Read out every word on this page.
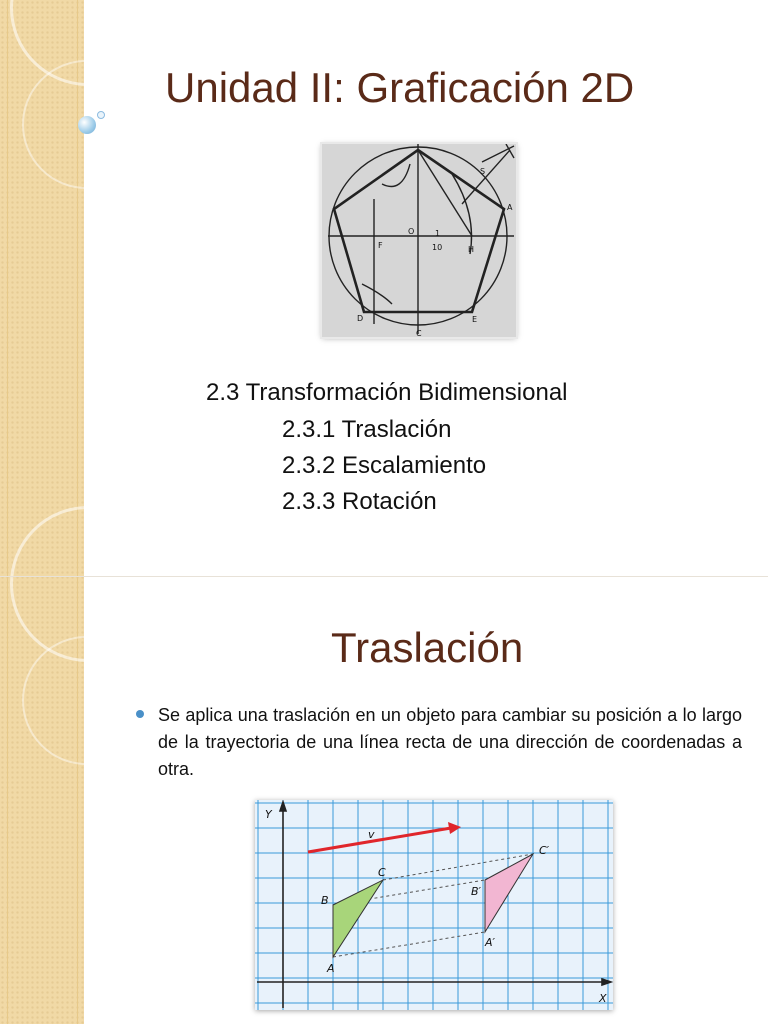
Unidad II: Graficación 2D
O
F	H
A
D	E
C
S
1
10
2.3 Transformación Bidimensional
2.3.1 Traslación
2.3.2 Escalamiento
2.3.3 Rotación
Traslación
Se aplica una traslación en un objeto para cambiar su posición a lo largo de la trayectoria de una línea recta de una dirección de coordenadas a otra.
Y
X
v
A
B
C
A′
B′
C′
